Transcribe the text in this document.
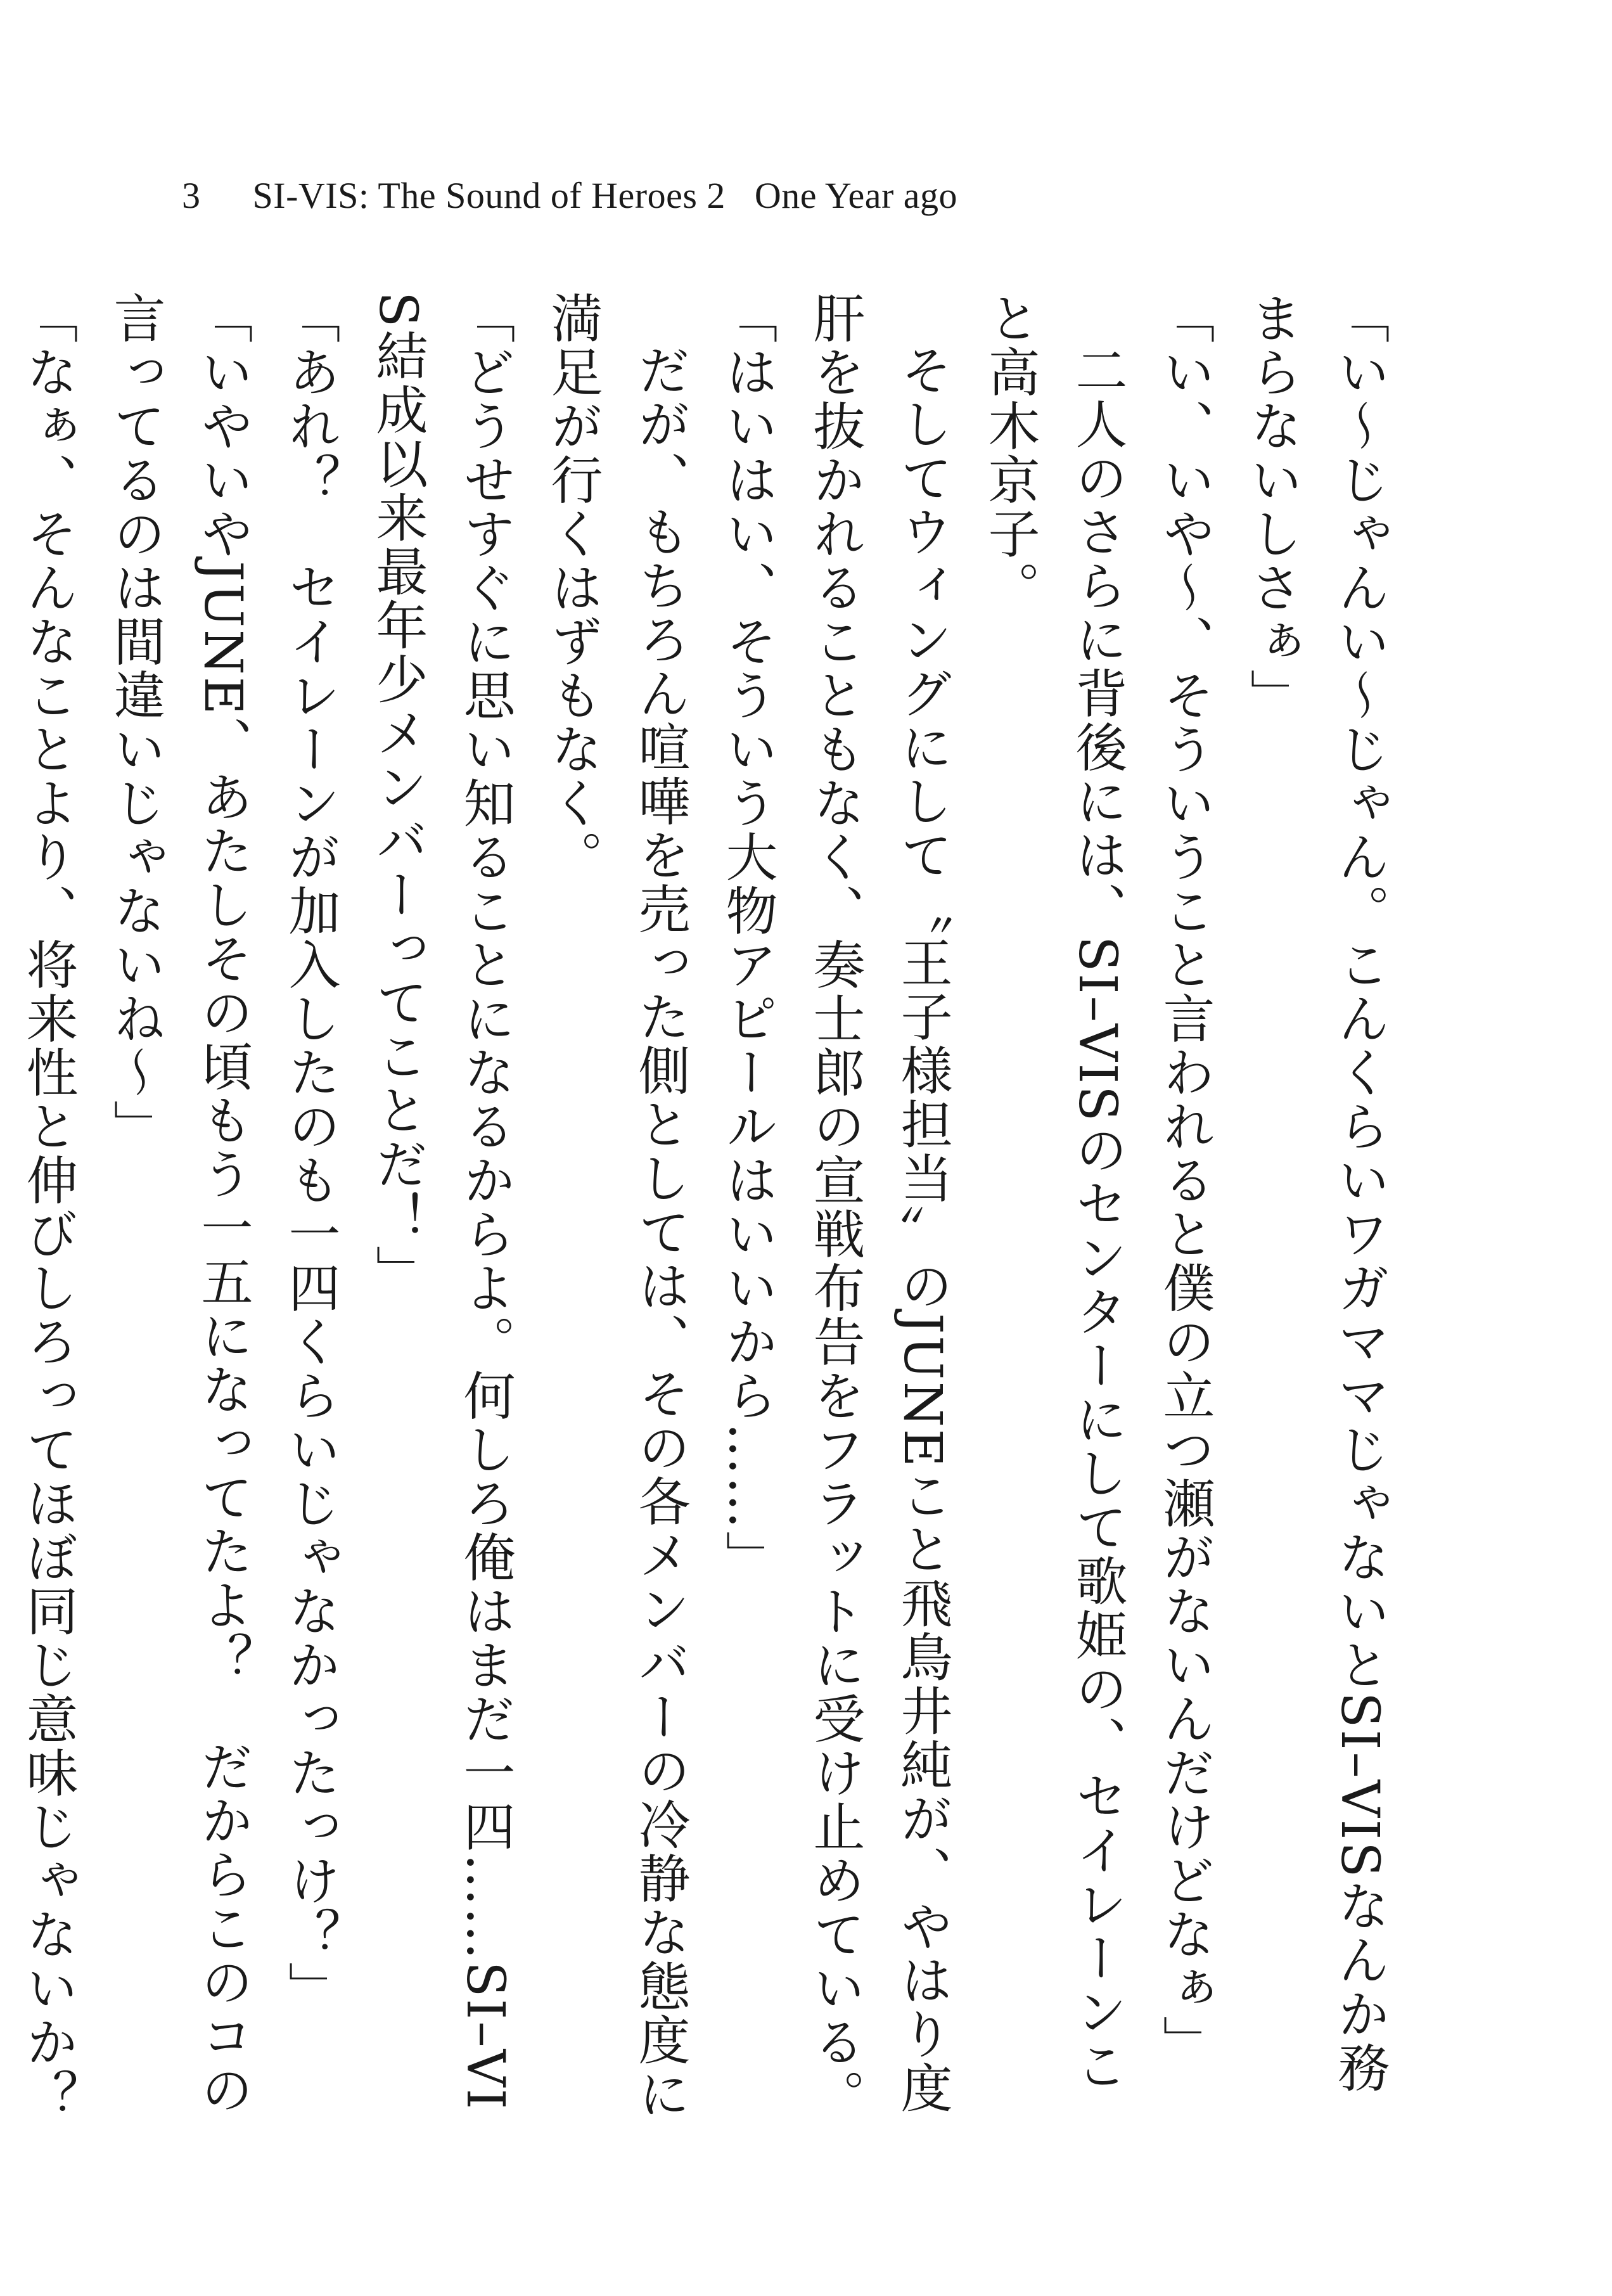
3 SI-VIS: The Sound of Heroes 2 One Year ago

「い～じゃんい～じゃん。こんくらいワガママじゃないとSI–VISなんか務まらないしさぁ」

「い、いや～、そういうこと言われると僕の立つ瀬がないんだけどなぁ」

二人のさらに背後には、SI–VISのセンターにして歌姫の、セイレーンこと高木京子。

そしてウィングにして〝王子様担当〟のJUNEこと飛鳥井純が、やはり度肝を抜かれることもなく、奏士郎の宣戦布告をフラットに受け止めている。

「はいはい、そういう大物アピールはいいから……」

だが、もちろん喧嘩を売った側としては、その各メンバーの冷静な態度に満足が行くはずもなく。

「どうせすぐに思い知ることになるからよ。何しろ俺はまだ一四……SI–VIS結成以来最年少メンバーってことだ！」

「あれ？　セイレーンが加入したのも一四くらいじゃなかったっけ？」

「いやいやJUNE、あたしその頃もう一五になってたよ？　だからこのコの言ってるのは間違いじゃないね～」

「なぁ、そんなことより、将来性と伸びしろってほぼ同じ意味じゃないか？
